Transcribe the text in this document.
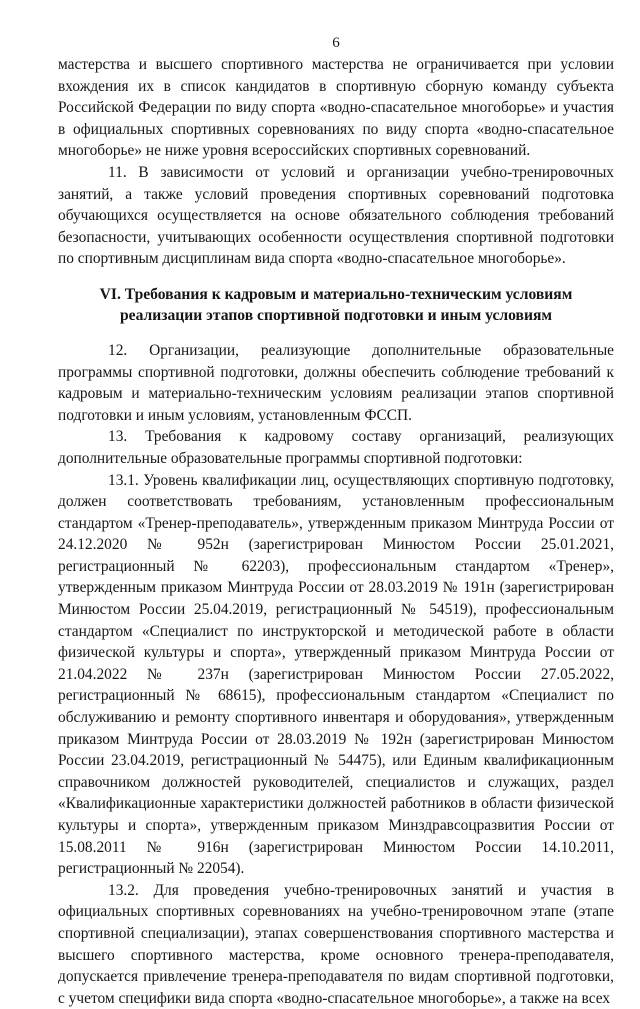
6

мастерства и высшего спортивного мастерства не ограничивается при условии вхождения их в список кандидатов в спортивную сборную команду субъекта Российской Федерации по виду спорта «водно-спасательное многоборье» и участия в официальных спортивных соревнованиях по виду спорта «водно-спасательное многоборье» не ниже уровня всероссийских спортивных соревнований.

11. В зависимости от условий и организации учебно-тренировочных занятий, а также условий проведения спортивных соревнований подготовка обучающихся осуществляется на основе обязательного соблюдения требований безопасности, учитывающих особенности осуществления спортивной подготовки по спортивным дисциплинам вида спорта «водно-спасательное многоборье».

VI. Требования к кадровым и материально-техническим условиям реализации этапов спортивной подготовки и иным условиям

12. Организации, реализующие дополнительные образовательные программы спортивной подготовки, должны обеспечить соблюдение требований к кадровым и материально-техническим условиям реализации этапов спортивной подготовки и иным условиям, установленным ФССП.

13. Требования к кадровому составу организаций, реализующих дополнительные образовательные программы спортивной подготовки:

13.1. Уровень квалификации лиц, осуществляющих спортивную подготовку, должен соответствовать требованиям, установленным профессиональным стандартом «Тренер-преподаватель», утвержденным приказом Минтруда России от 24.12.2020 № 952н (зарегистрирован Минюстом России 25.01.2021, регистрационный № 62203), профессиональным стандартом «Тренер», утвержденным приказом Минтруда России от 28.03.2019 № 191н (зарегистрирован Минюстом России 25.04.2019, регистрационный № 54519), профессиональным стандартом «Специалист по инструкторской и методической работе в области физической культуры и спорта», утвержденный приказом Минтруда России от 21.04.2022 № 237н (зарегистрирован Минюстом России 27.05.2022, регистрационный № 68615), профессиональным стандартом «Специалист по обслуживанию и ремонту спортивного инвентаря и оборудования», утвержденным приказом Минтруда России от 28.03.2019 № 192н (зарегистрирован Минюстом России 23.04.2019, регистрационный № 54475), или Единым квалификационным справочником должностей руководителей, специалистов и служащих, раздел «Квалификационные характеристики должностей работников в области физической культуры и спорта», утвержденным приказом Минздравсоцразвития России от 15.08.2011 № 916н (зарегистрирован Минюстом России 14.10.2011, регистрационный № 22054).

13.2. Для проведения учебно-тренировочных занятий и участия в официальных спортивных соревнованиях на учебно-тренировочном этапе (этапе спортивной специализации), этапах совершенствования спортивного мастерства и высшего спортивного мастерства, кроме основного тренера-преподавателя, допускается привлечение тренера-преподавателя по видам спортивной подготовки, с учетом специфики вида спорта «водно-спасательное многоборье», а также на всех
